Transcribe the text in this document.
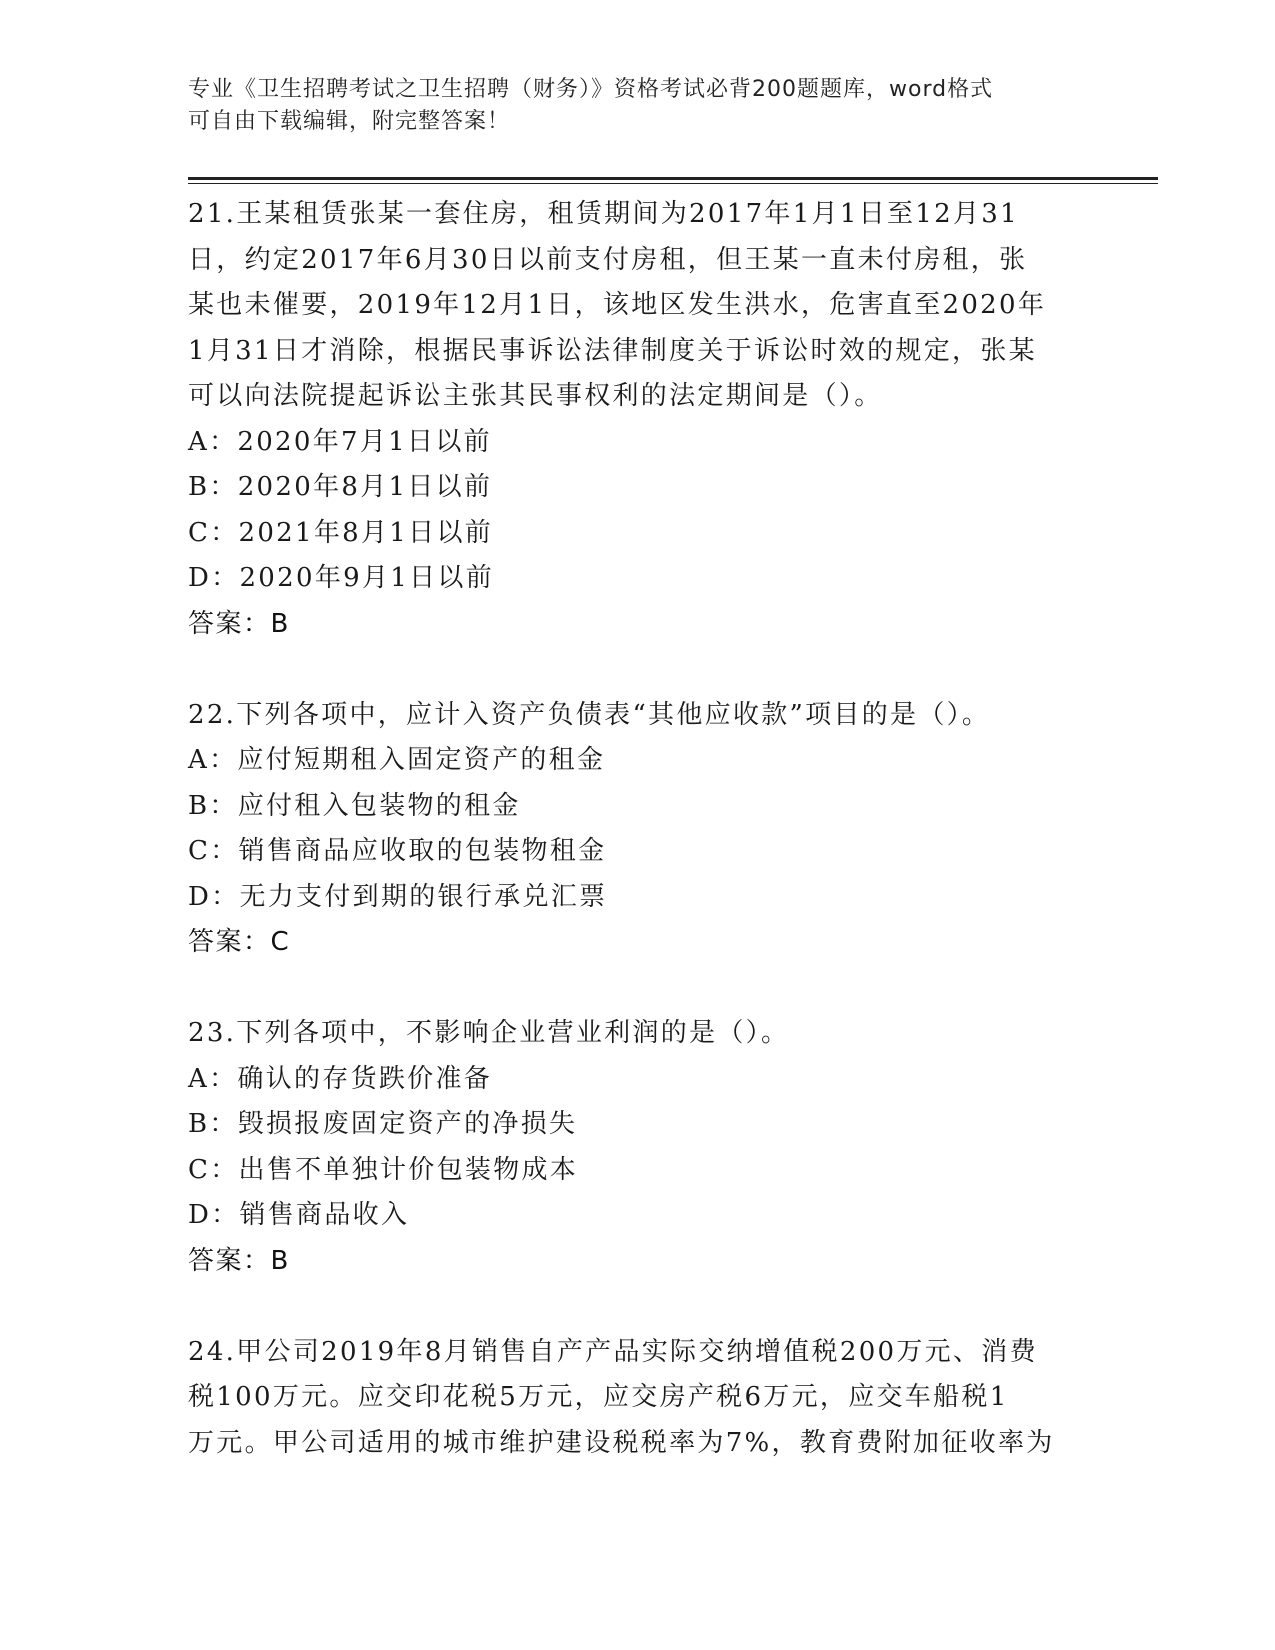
专业《卫生招聘考试之卫生招聘（财务）》资格考试必背200题题库，word格式
可自由下载编辑，附完整答案！
21.王某租赁张某一套住房，租赁期间为2017年1月1日至12月31
日，约定2017年6月30日以前支付房租，但王某一直未付房租，张
某也未催要，2019年12月1日，该地区发生洪水，危害直至2020年
1月31日才消除，根据民事诉讼法律制度关于诉讼时效的规定，张某
可以向法院提起诉讼主张其民事权利的法定期间是（）。
A：2020年7月1日以前
B：2020年8月1日以前
C：2021年8月1日以前
D：2020年9月1日以前
答案：B
22.下列各项中，应计入资产负债表“其他应收款”项目的是（）。
A：应付短期租入固定资产的租金
B：应付租入包装物的租金
C：销售商品应收取的包装物租金
D：无力支付到期的银行承兑汇票
答案：C
23.下列各项中，不影响企业营业利润的是（）。
A：确认的存货跌价准备
B：毁损报废固定资产的净损失
C：出售不单独计价包装物成本
D：销售商品收入
答案：B
24.甲公司2019年8月销售自产产品实际交纳增值税200万元、消费
税100万元。应交印花税5万元，应交房产税6万元，应交车船税1
万元。甲公司适用的城市维护建设税税率为7%，教育费附加征收率为
